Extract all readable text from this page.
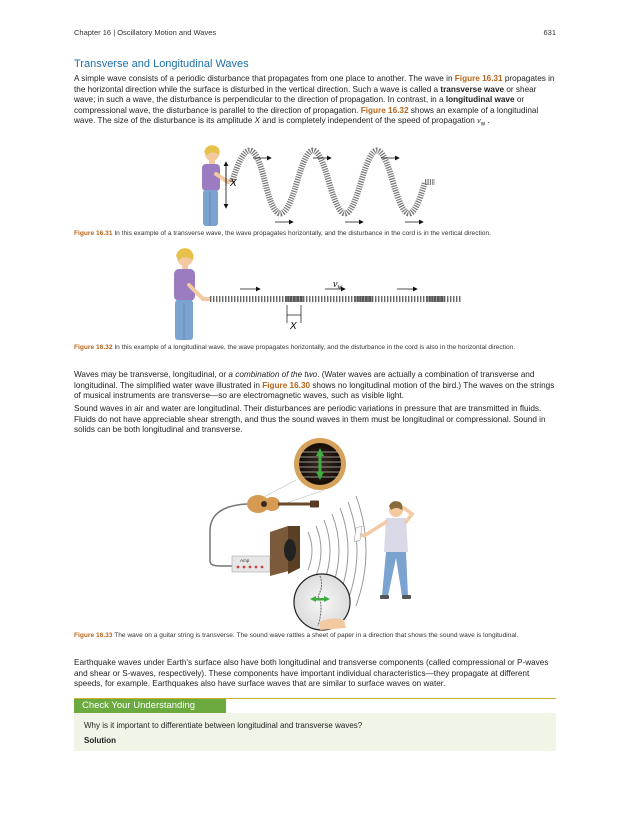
Chapter 16 | Oscillatory Motion and Waves	631
Transverse and Longitudinal Waves

A simple wave consists of a periodic disturbance that propagates from one place to another. The wave in Figure 16.31 propagates in the horizontal direction while the surface is disturbed in the vertical direction. Such a wave is called a transverse wave or shear wave; in such a wave, the disturbance is perpendicular to the direction of propagation. In contrast, in a longitudinal wave or compressional wave, the disturbance is parallel to the direction of propagation. Figure 16.32 shows an example of a longitudinal wave. The size of the disturbance is its amplitude X and is completely independent of the speed of propagation $v_w$ .

X

Figure 16.31 In this example of a transverse wave, the wave propagates horizontally, and the disturbance in the cord is in the vertical direction.

$v_w$
X

Figure 16.32 In this example of a longitudinal wave, the wave propagates horizontally, and the disturbance in the cord is also in the horizontal direction.

Waves may be transverse, longitudinal, or a combination of the two. (Water waves are actually a combination of transverse and longitudinal. The simplified water wave illustrated in Figure 16.30 shows no longitudinal motion of the bird.) The waves on the strings of musical instruments are transverse—so are electromagnetic waves, such as visible light.

Sound waves in air and water are longitudinal. Their disturbances are periodic variations in pressure that are transmitted in fluids. Fluids do not have appreciable shear strength, and thus the sound waves in them must be longitudinal or compressional. Sound in solids can be both longitudinal and transverse.

Amp

Figure 16.33 The wave on a guitar string is transverse. The sound wave rattles a sheet of paper in a direction that shows the sound wave is longitudinal.

Earthquake waves under Earth's surface also have both longitudinal and transverse components (called compressional or P-waves and shear or S-waves, respectively). These components have important individual characteristics—they propagate at different speeds, for example. Earthquakes also have surface waves that are similar to surface waves on water.

Check Your Understanding
Why is it important to differentiate between longitudinal and transverse waves?
Solution
